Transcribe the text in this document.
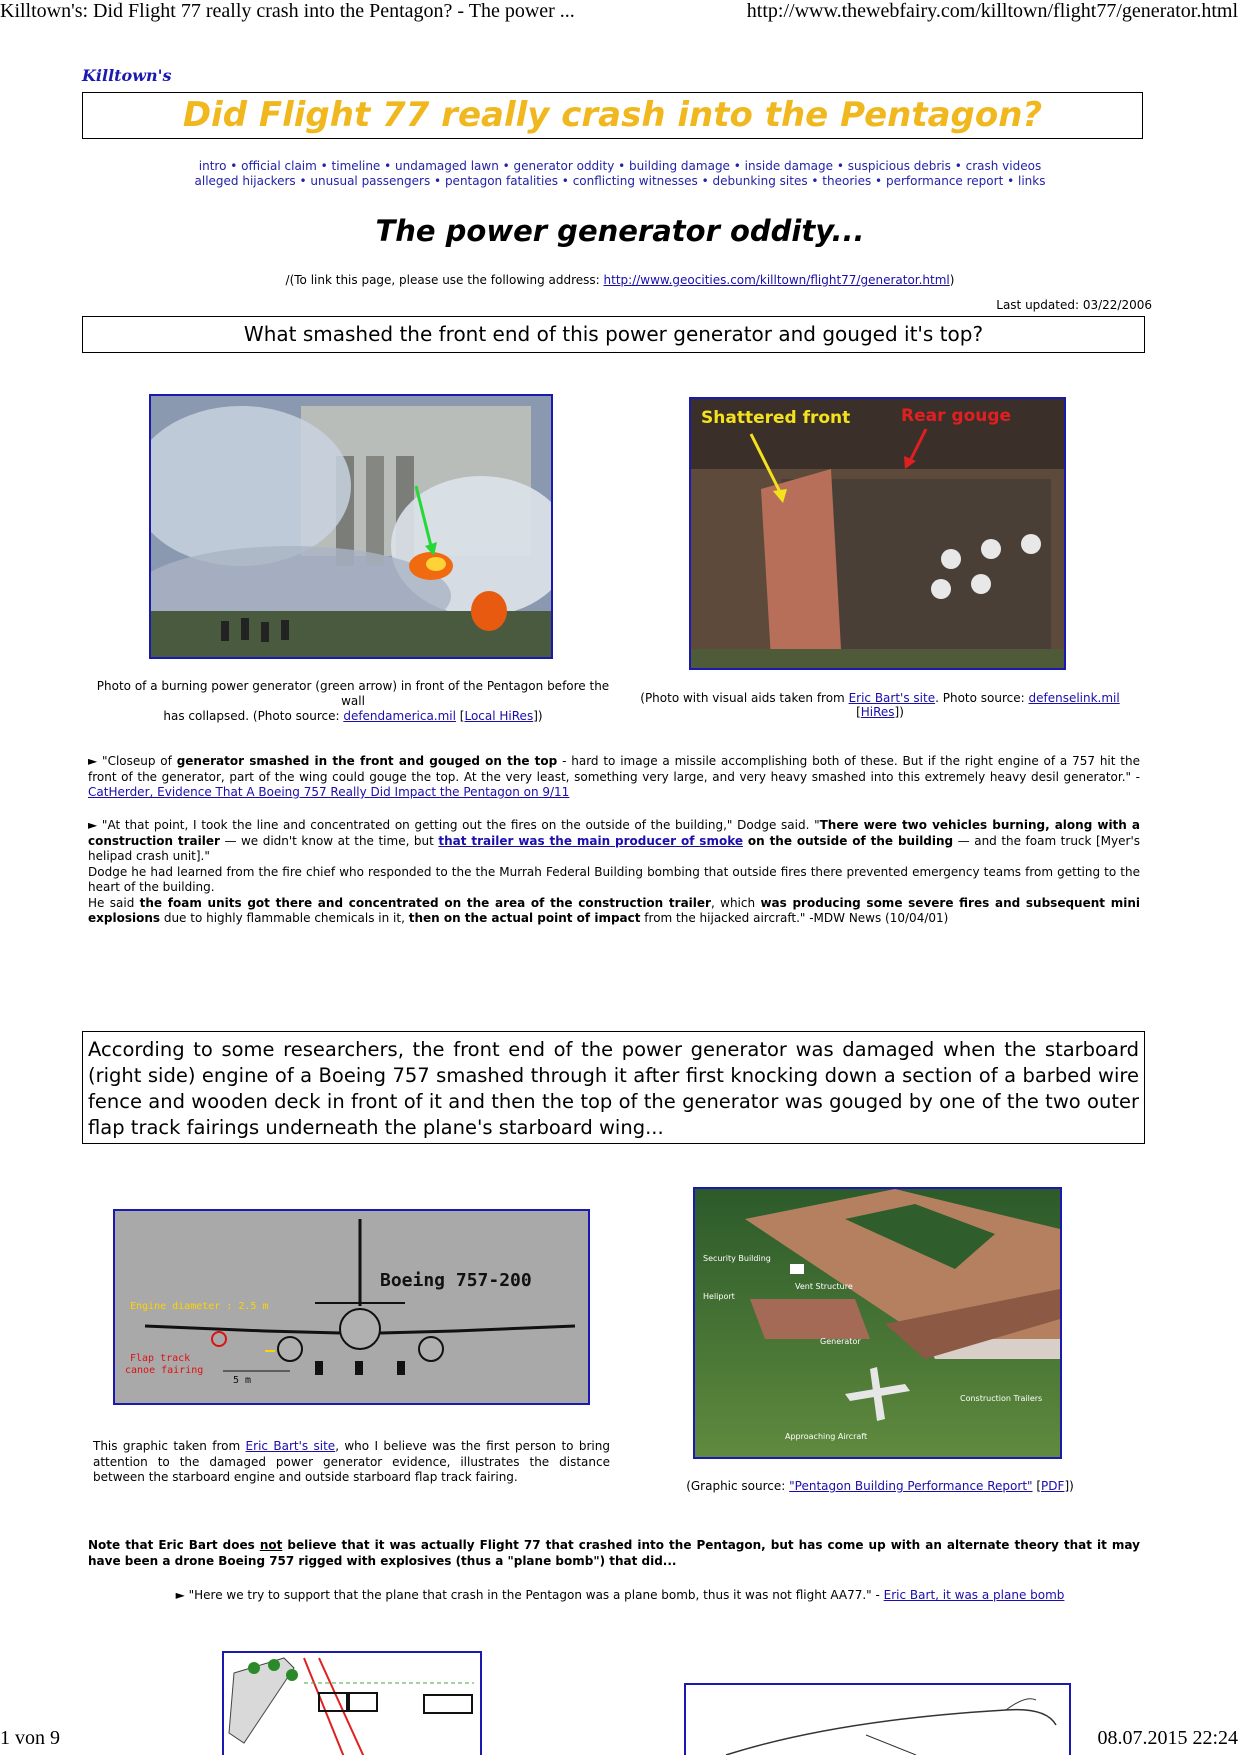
Killtown's: Did Flight 77 really crash into the Pentagon? - The power ...	http://www.thewebfairy.com/killtown/flight77/generator.html
1 von 9	08.07.2015 22:24
Killtown's
Did Flight 77 really crash into the Pentagon?
intro • official claim • timeline • undamaged lawn • generator oddity • building damage • inside damage • suspicious debris • crash videos
alleged hijackers • unusual passengers • pentagon fatalities • conflicting witnesses • debunking sites • theories • performance report • links
The power generator oddity...
/(To link this page, please use the following address: http://www.geocities.com/killtown/flight77/generator.html)
Last updated: 03/22/2006
What smashed the front end of this power generator and gouged it's top?
Photo of a burning power generator (green arrow) in front of the Pentagon before the wall
has collapsed. (Photo source: defendamerica.mil [Local HiRes])
Shattered front	Rear gouge
(Photo with visual aids taken from Eric Bart's site. Photo source: defenselink.mil [HiRes])
► "Closeup of generator smashed in the front and gouged on the top - hard to image a missile accomplishing both of these. But if the right engine of a 757 hit the front of the generator, part of the wing could gouge the top. At the very least, something very large, and very heavy smashed into this extremely heavy desil generator." - CatHerder, Evidence That A Boeing 757 Really Did Impact the Pentagon on 9/11
► "At that point, I took the line and concentrated on getting out the fires on the outside of the building," Dodge said. "There were two vehicles burning, along with a construction trailer — we didn't know at the time, but that trailer was the main producer of smoke on the outside of the building — and the foam truck [Myer's helipad crash unit]."
Dodge he had learned from the fire chief who responded to the the Murrah Federal Building bombing that outside fires there prevented emergency teams from getting to the heart of the building.
He said the foam units got there and concentrated on the area of the construction trailer, which was producing some severe fires and subsequent mini explosions due to highly flammable chemicals in it, then on the actual point of impact from the hijacked aircraft." -MDW News (10/04/01)
According to some researchers, the front end of the power generator was damaged when the starboard (right side) engine of a Boeing 757 smashed through it after first knocking down a section of a barbed wire fence and wooden deck in front of it and then the top of the generator was gouged by one of the two outer flap track fairings underneath the plane's starboard wing...
Boeing 757-200
Engine diameter : 2.5 m
Flap track
canoe fairing
5 m
This graphic taken from Eric Bart's site, who I believe was the first person to bring attention to the damaged power generator evidence, illustrates the distance between the starboard engine and outside starboard flap track fairing.
Security Building
Heliport
Vent Structure
Generator
Construction Trailers
Approaching Aircraft
(Graphic source: "Pentagon Building Performance Report" [PDF])
Note that Eric Bart does not believe that it was actually Flight 77 that crashed into the Pentagon, but has come up with an alternate theory that it may have been a drone Boeing 757 rigged with explosives (thus a "plane bomb") that did...
► "Here we try to support that the plane that crash in the Pentagon was a plane bomb, thus it was not flight AA77." - Eric Bart, it was a plane bomb
